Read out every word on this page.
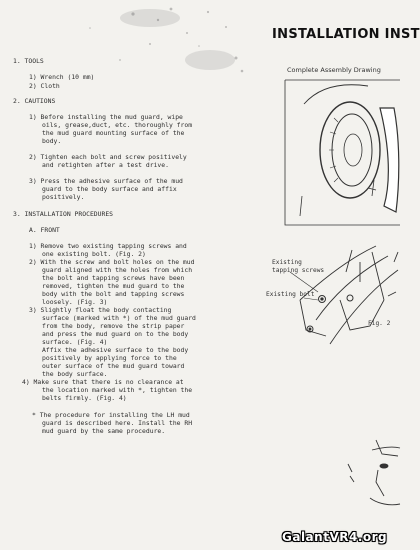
INSTALLATION INST
Complete Assembly Drawing
1. TOOLS
1) Wrench (10 mm)
2) Cloth
2. CAUTIONS
1) Before installing the mud guard, wipe
oils, grease,duct, etc. thoroughly from
the mud guard mounting surface of the
body.
2) Tighten each bolt and screw positively
and retighten after a test drive.
3) Press the adhesive surface of the mud
guard to the body surface and affix
positively.
3. INSTALLATION PROCEDURES
A. FRONT
1) Remove two existing tapping screws and
one existing bolt. (Fig. 2)
2) With the screw and bolt holes on the mud
guard aligned with the holes from which
the bolt and tapping screws have been
removed, tighten the mud guard to the
body with the bolt and tapping screws
loosely. (Fig. 3)
3) Slightly float the body contacting
surface (marked with *) of the mud guard
from the body, remove the strip paper
and press the mud guard on to the body
surface. (Fig. 4)
Affix the adhesive surface to the body
positively by applying force to the
outer surface of the mud guard toward
the body surface.
4) Make sure that there is no clearance at
the location marked with *, tighten the
belts firmly. (Fig. 4)
* The procedure for installing the LH mud
guard is described here. Install the RH
mud guard by the same procedure.
Existing
tapping screws
Existing bolt
Fig. 2
GalantVR4.org
